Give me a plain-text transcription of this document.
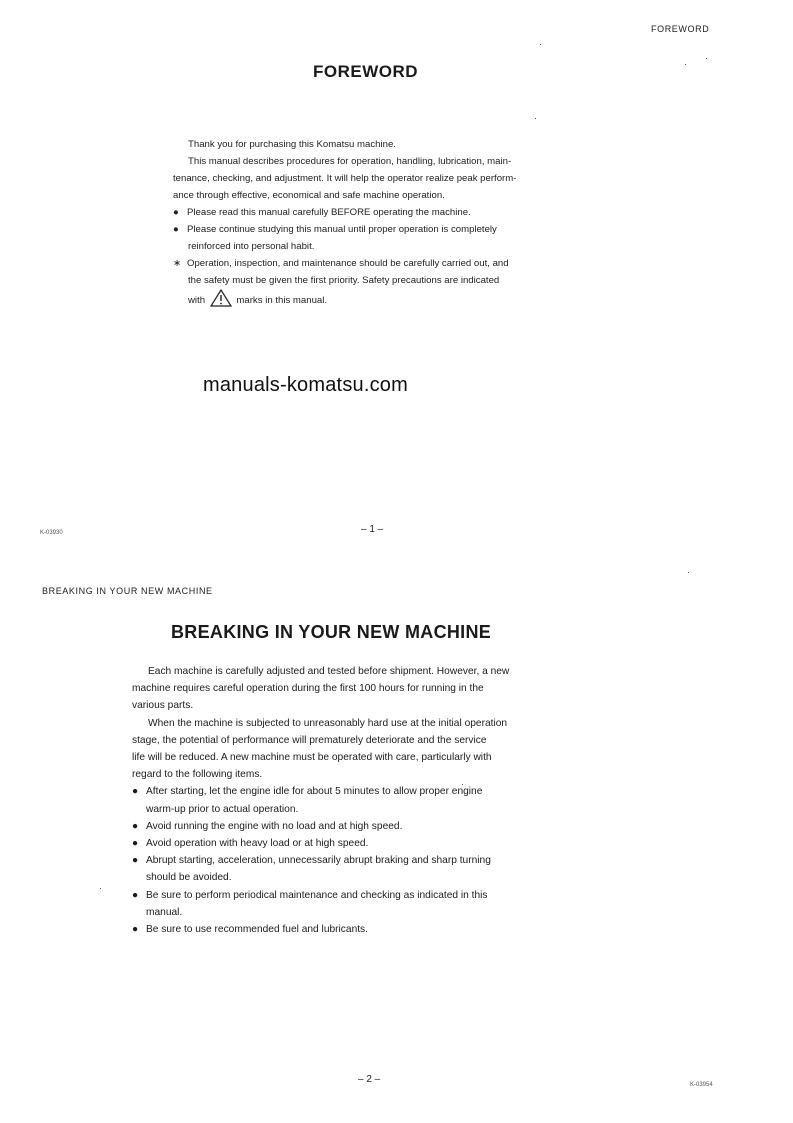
FOREWORD
FOREWORD
Thank you for purchasing this Komatsu machine.
This manual describes procedures for operation, handling, lubrication, main-
tenance, checking, and adjustment. It will help the operator realize peak perform-
ance through effective, economical and safe machine operation.
● Please read this manual carefully BEFORE operating the machine.
● Please continue studying this manual until proper operation is completely
reinforced into personal habit.
∗ Operation, inspection, and maintenance should be carefully carried out, and
the safety must be given the first priority. Safety precautions are indicated
with	marks in this manual.
manuals-komatsu.com
K-03930	– 1 –
BREAKING IN YOUR NEW MACHINE
BREAKING IN YOUR NEW MACHINE
Each machine is carefully adjusted and tested before shipment. However, a new
machine requires careful operation during the first 100 hours for running in the
various parts.
When the machine is subjected to unreasonably hard use at the initial operation
stage, the potential of performance will prematurely deteriorate and the service
life will be reduced. A new machine must be operated with care, particularly with
regard to the following items.
● After starting, let the engine idle for about 5 minutes to allow proper engine
warm-up prior to actual operation.
● Avoid running the engine with no load and at high speed.
● Avoid operation with heavy load or at high speed.
● Abrupt starting, acceleration, unnecessarily abrupt braking and sharp turning
should be avoided.
● Be sure to perform periodical maintenance and checking as indicated in this
manual.
● Be sure to use recommended fuel and lubricants.
– 2 –	K-03954
